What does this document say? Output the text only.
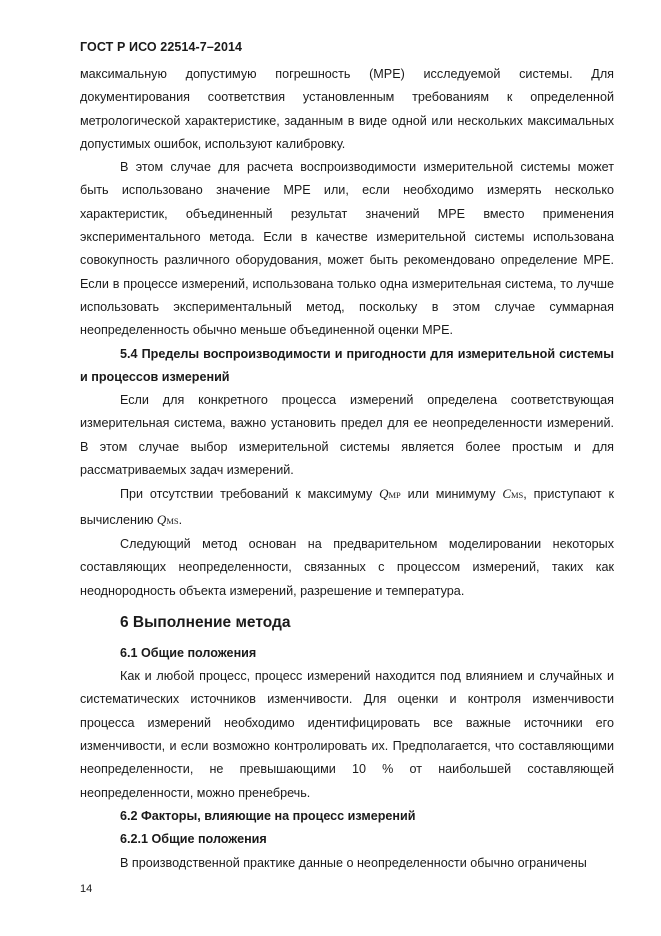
ГОСТ Р ИСО 22514-7–2014

максимальную допустимую погрешность (MPE) исследуемой системы. Для документирования соответствия установленным требованиям к определенной метрологической характеристике, заданным в виде одной или нескольких максимальных допустимых ошибок, используют калибровку.

В этом случае для расчета воспроизводимости измерительной системы может быть использовано значение MPE или, если необходимо измерять несколько характеристик, объединенный результат значений MPE вместо применения экспериментального метода. Если в качестве измерительной системы использована совокупность различного оборудования, может быть рекомендовано определение MPE. Если в процессе измерений, использована только одна измерительная система, то лучше использовать экспериментальный метод, поскольку в этом случае суммарная неопределенность обычно меньше объединенной оценки MPE.

5.4 Пределы воспроизводимости и пригодности для измерительной системы и процессов измерений

Если для конкретного процесса измерений определена соответствующая измерительная система, важно установить предел для ее неопределенности измерений. В этом случае выбор измерительной системы является более простым и для рассматриваемых задач измерений.

При отсутствии требований к максимуму QMP или минимуму CMS, приступают к вычислению QMS.

Следующий метод основан на предварительном моделировании некоторых составляющих неопределенности, связанных с процессом измерений, таких как неоднородность объекта измерений, разрешение и температура.

6 Выполнение метода
6.1 Общие положения

Как и любой процесс, процесс измерений находится под влиянием и случайных и систематических источников изменчивости. Для оценки и контроля изменчивости процесса измерений необходимо идентифицировать все важные источники его изменчивости, и если возможно контролировать их. Предполагается, что составляющими неопределенности, не превышающими 10 % от наибольшей составляющей неопределенности, можно пренебречь.

6.2 Факторы, влияющие на процесс измерений
6.2.1 Общие положения

В производственной практике данные о неопределенности обычно ограничены

14
